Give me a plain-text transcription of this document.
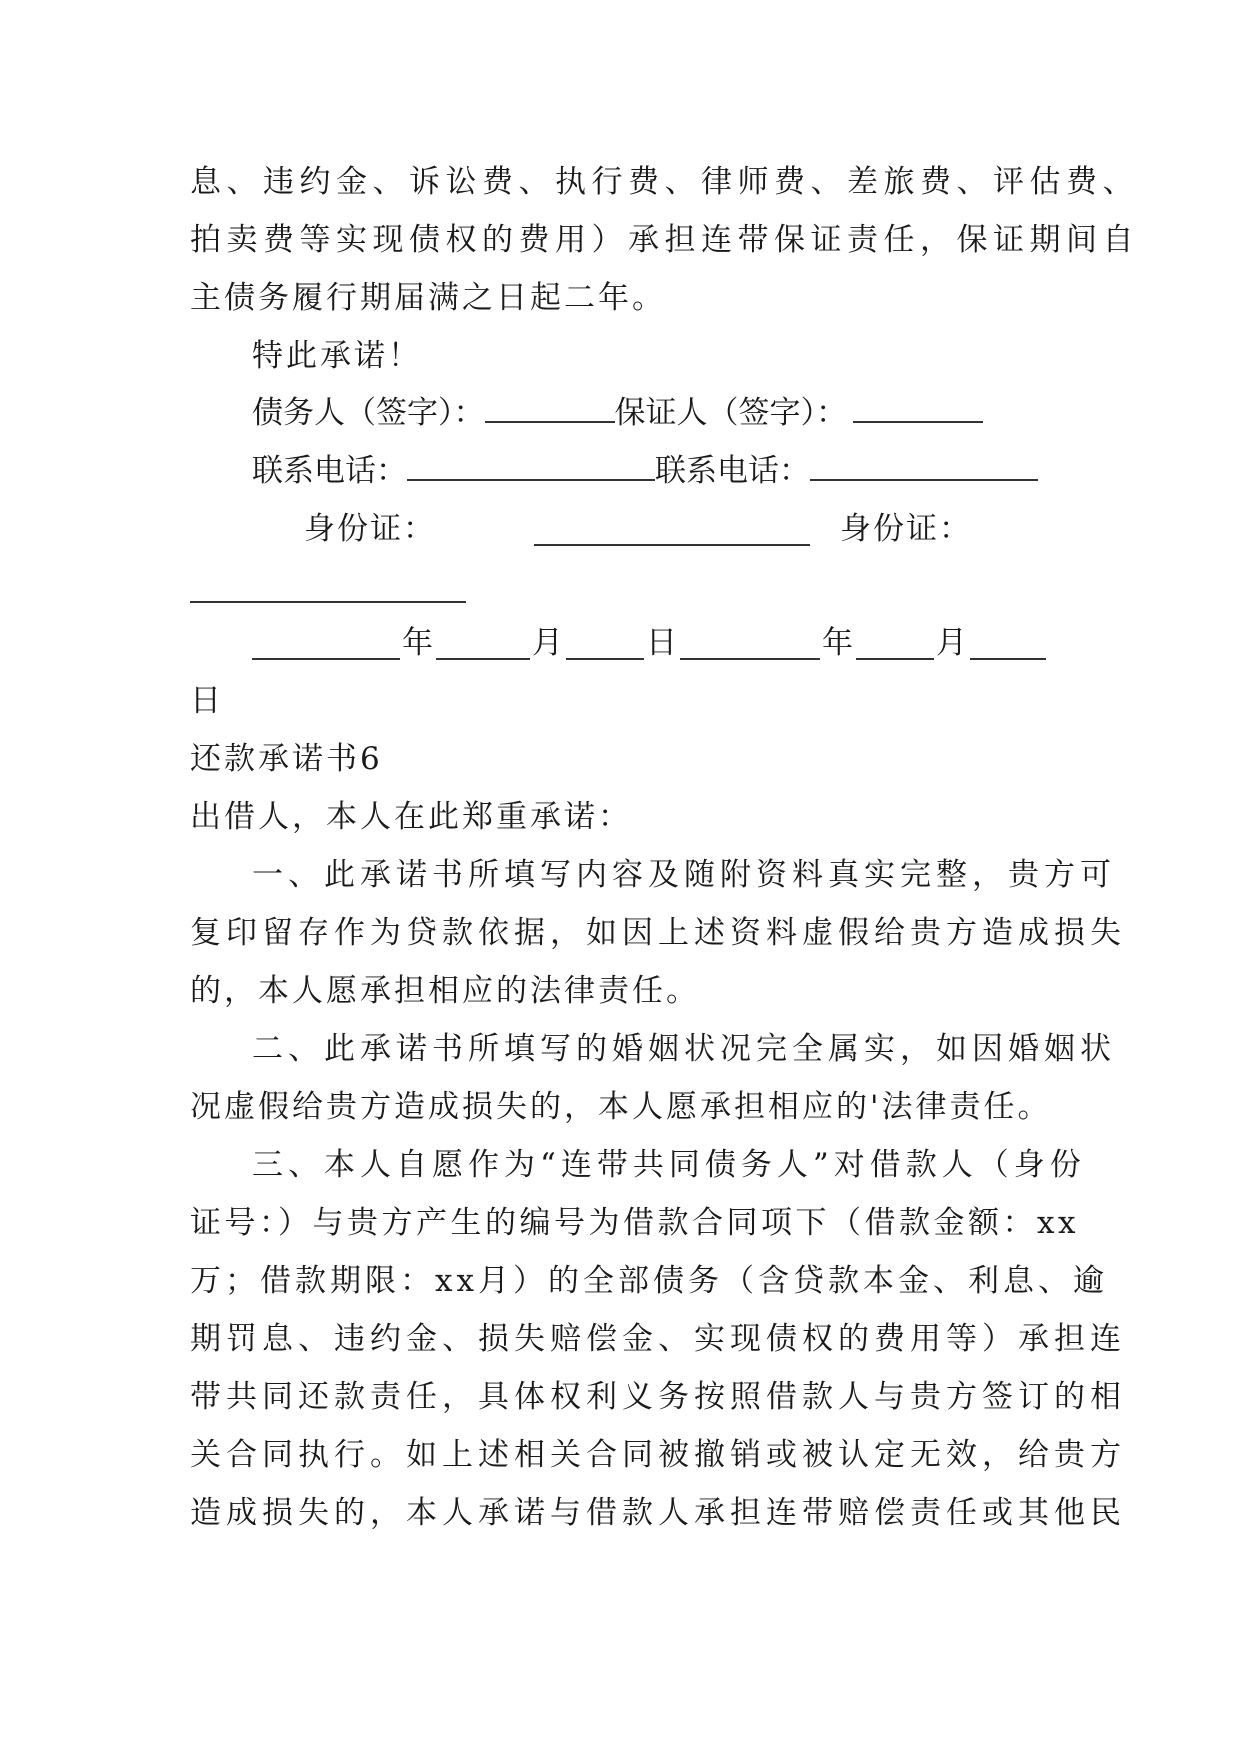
息、违约金、诉讼费、执行费、律师费、差旅费、评估费、
拍卖费等实现债权的费用）承担连带保证责任，保证期间自
主债务履行期届满之日起二年。
特此承诺！
债务人（签字）：	保证人（签字）：
联系电话：	联系电话：
身 份 证 ：	身 份 证 ：
年	月	日	年	月
日
还款承诺书6
出借人，本人在此郑重承诺：
一、此承诺书所填写内容及随附资料真实完整，贵方可
复印留存作为贷款依据，如因上述资料虚假给贵方造成损失
的，本人愿承担相应的法律责任。
二、此承诺书所填写的婚姻状况完全属实，如因婚姻状
况虚假给贵方造成损失的，本人愿承担相应的'法律责任。
三、本人自愿作为“连带共同债务人”对借款人（身份
证号：）与贵方产生的编号为借款合同项下（借款金额：xx
万；借款期限：xx月）的全部债务（含贷款本金、利息、逾
期罚息、违约金、损失赔偿金、实现债权的费用等）承担连
带共同还款责任，具体权利义务按照借款人与贵方签订的相
关合同执行。如上述相关合同被撤销或被认定无效，给贵方
造成损失的，本人承诺与借款人承担连带赔偿责任或其他民
